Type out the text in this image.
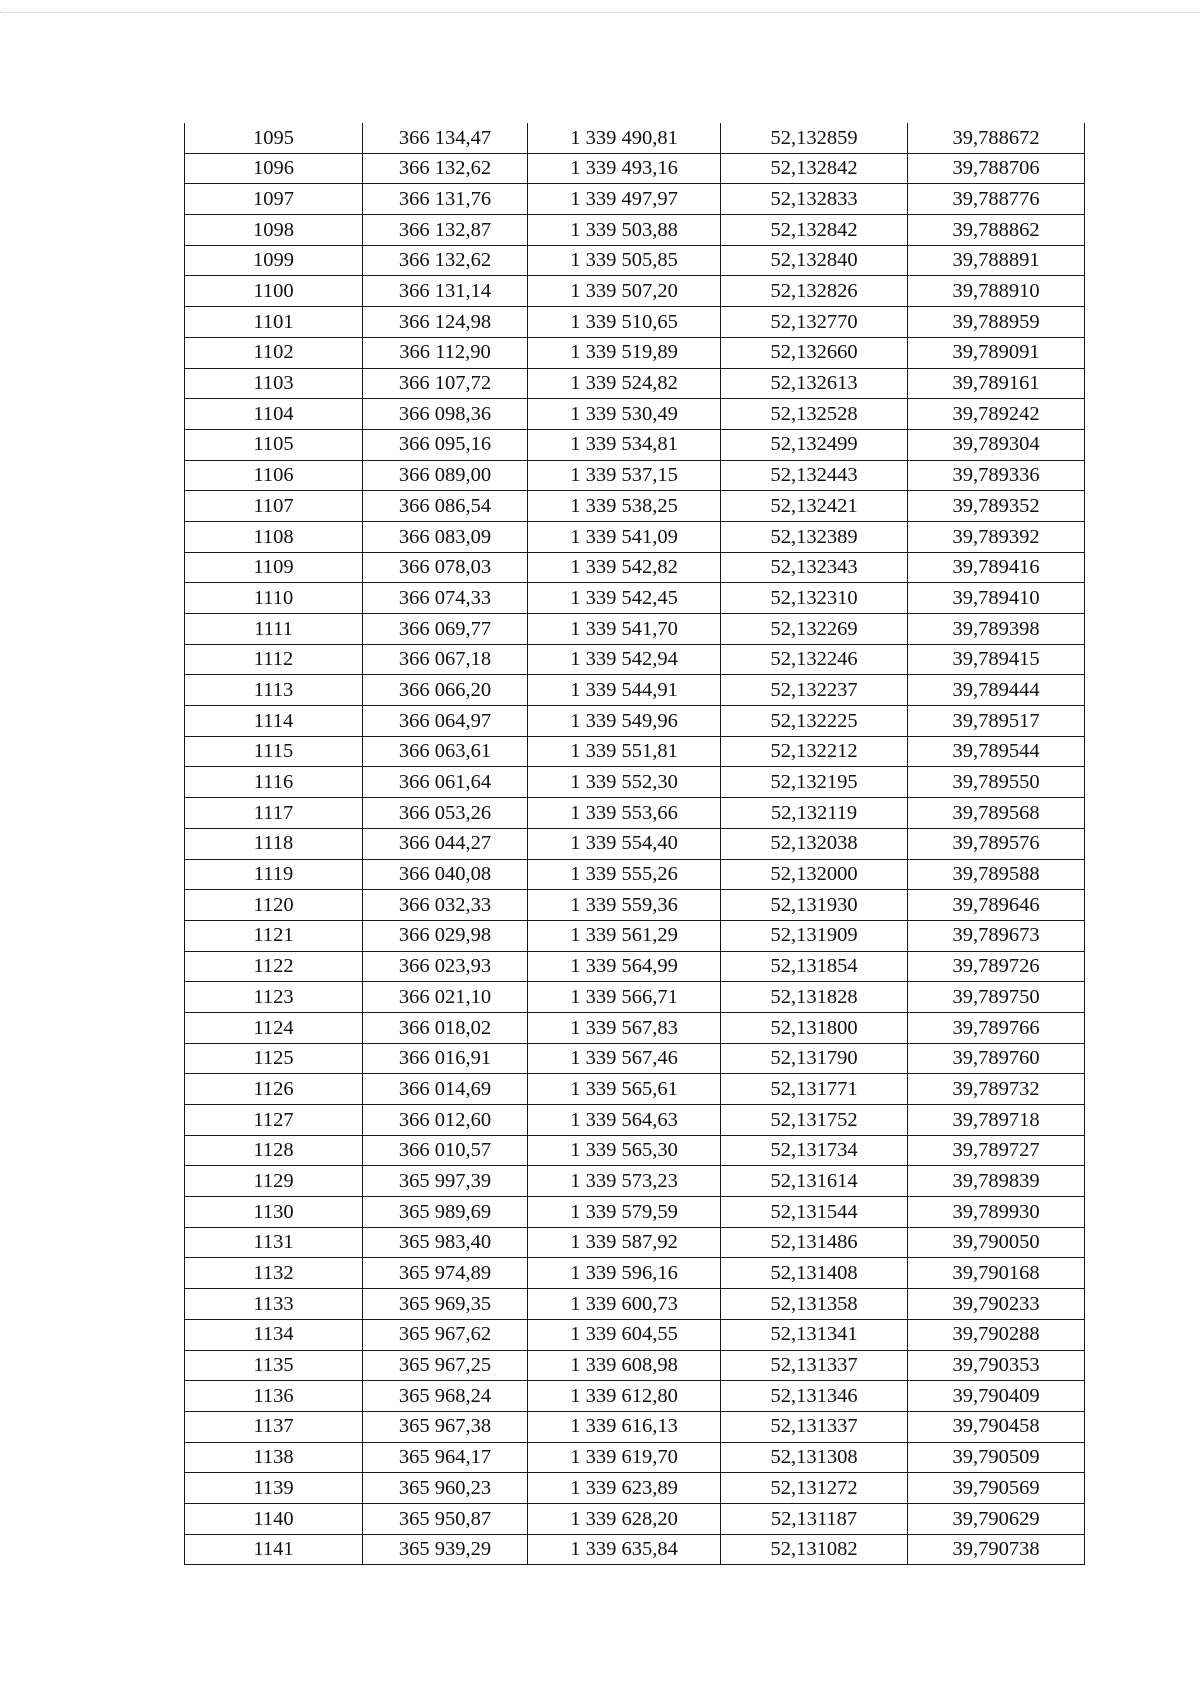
1095	366 134,47	1 339 490,81	52,132859	39,788672
1096	366 132,62	1 339 493,16	52,132842	39,788706
1097	366 131,76	1 339 497,97	52,132833	39,788776
1098	366 132,87	1 339 503,88	52,132842	39,788862
1099	366 132,62	1 339 505,85	52,132840	39,788891
1100	366 131,14	1 339 507,20	52,132826	39,788910
1101	366 124,98	1 339 510,65	52,132770	39,788959
1102	366 112,90	1 339 519,89	52,132660	39,789091
1103	366 107,72	1 339 524,82	52,132613	39,789161
1104	366 098,36	1 339 530,49	52,132528	39,789242
1105	366 095,16	1 339 534,81	52,132499	39,789304
1106	366 089,00	1 339 537,15	52,132443	39,789336
1107	366 086,54	1 339 538,25	52,132421	39,789352
1108	366 083,09	1 339 541,09	52,132389	39,789392
1109	366 078,03	1 339 542,82	52,132343	39,789416
1110	366 074,33	1 339 542,45	52,132310	39,789410
1111	366 069,77	1 339 541,70	52,132269	39,789398
1112	366 067,18	1 339 542,94	52,132246	39,789415
1113	366 066,20	1 339 544,91	52,132237	39,789444
1114	366 064,97	1 339 549,96	52,132225	39,789517
1115	366 063,61	1 339 551,81	52,132212	39,789544
1116	366 061,64	1 339 552,30	52,132195	39,789550
1117	366 053,26	1 339 553,66	52,132119	39,789568
1118	366 044,27	1 339 554,40	52,132038	39,789576
1119	366 040,08	1 339 555,26	52,132000	39,789588
1120	366 032,33	1 339 559,36	52,131930	39,789646
1121	366 029,98	1 339 561,29	52,131909	39,789673
1122	366 023,93	1 339 564,99	52,131854	39,789726
1123	366 021,10	1 339 566,71	52,131828	39,789750
1124	366 018,02	1 339 567,83	52,131800	39,789766
1125	366 016,91	1 339 567,46	52,131790	39,789760
1126	366 014,69	1 339 565,61	52,131771	39,789732
1127	366 012,60	1 339 564,63	52,131752	39,789718
1128	366 010,57	1 339 565,30	52,131734	39,789727
1129	365 997,39	1 339 573,23	52,131614	39,789839
1130	365 989,69	1 339 579,59	52,131544	39,789930
1131	365 983,40	1 339 587,92	52,131486	39,790050
1132	365 974,89	1 339 596,16	52,131408	39,790168
1133	365 969,35	1 339 600,73	52,131358	39,790233
1134	365 967,62	1 339 604,55	52,131341	39,790288
1135	365 967,25	1 339 608,98	52,131337	39,790353
1136	365 968,24	1 339 612,80	52,131346	39,790409
1137	365 967,38	1 339 616,13	52,131337	39,790458
1138	365 964,17	1 339 619,70	52,131308	39,790509
1139	365 960,23	1 339 623,89	52,131272	39,790569
1140	365 950,87	1 339 628,20	52,131187	39,790629
1141	365 939,29	1 339 635,84	52,131082	39,790738
